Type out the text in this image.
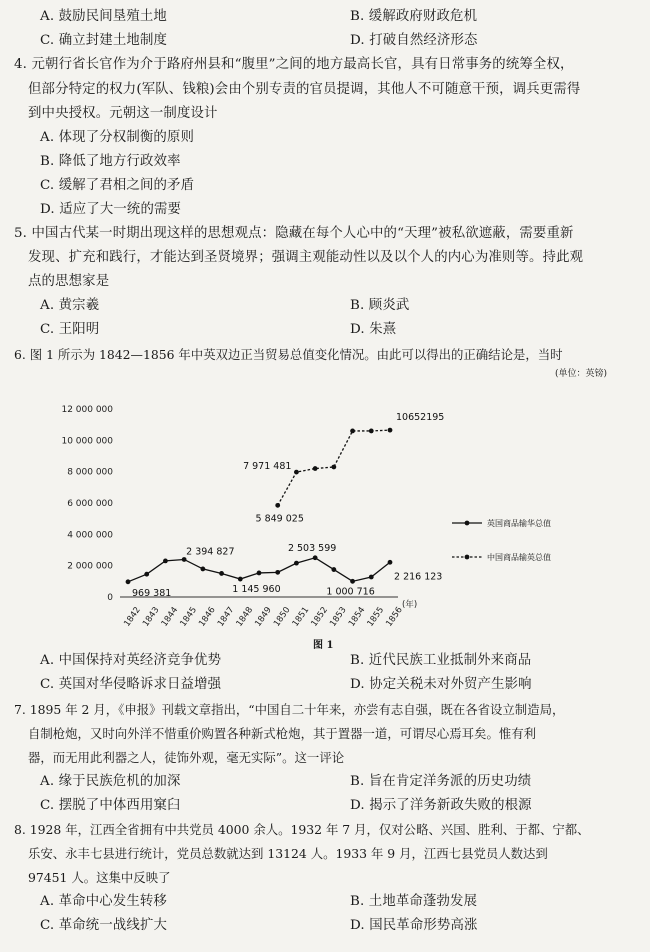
A. 鼓励民间垦殖土地	B. 缓解政府财政危机
C. 确立封建土地制度	D. 打破自然经济形态
4. 元朝行省长官作为介于路府州县和“腹里”之间的地方最高长官，具有日常事务的统筹全权，
但部分特定的权力(军队、钱粮)会由个别专责的官员提调，其他人不可随意干预，调兵更需得
到中央授权。元朝这一制度设计
A. 体现了分权制衡的原则
B. 降低了地方行政效率
C. 缓解了君相之间的矛盾
D. 适应了大一统的需要
5. 中国古代某一时期出现这样的思想观点：隐藏在每个人心中的“天理”被私欲遮蔽，需要重新
发现、扩充和践行，才能达到圣贤境界；强调主观能动性以及以个人的内心为准则等。持此观
点的思想家是
A. 黄宗羲	B. 顾炎武
C. 王阳明	D. 朱熹
6. 图 1 所示为 1842—1856 年中英双边正当贸易总值变化情况。由此可以得出的正确结论是，当时
(单位：英镑)
12 000 000
10 000 000
8 000 000
6 000 000
4 000 000
2 000 000
0
1842
1843
1844
1845
1846
1847
1848
1849
1850
1851
1852
1853
1854
1855
1856
(年)
969 381
2 394 827
1 145 960
2 503 599
1 000 716
2 216 123
5 849 025
7 971 481
10652195
英国商品输华总值
中国商品输英总值
图 1
A. 中国保持对英经济竞争优势	B. 近代民族工业抵制外来商品
C. 英国对华侵略诉求日益增强	D. 协定关税未对外贸产生影响
7. 1895 年 2 月，《申报》刊载文章指出，“中国自二十年来，亦尝有志自强，既在各省设立制造局，
自制枪炮，又时向外洋不惜重价购置各种新式枪炮，其于置器一道，可谓尽心焉耳矣。惟有利
器，而无用此利器之人，徒饰外观，毫无实际”。这一评论
A. 缘于民族危机的加深	B. 旨在肯定洋务派的历史功绩
C. 摆脱了中体西用窠臼	D. 揭示了洋务新政失败的根源
8. 1928 年，江西全省拥有中共党员 4000 余人。1932 年 7 月，仅对公略、兴国、胜利、于都、宁都、
乐安、永丰七县进行统计，党员总数就达到 13124 人。1933 年 9 月，江西七县党员人数达到
97451 人。这集中反映了
A. 革命中心发生转移	B. 土地革命蓬勃发展
C. 革命统一战线扩大	D. 国民革命形势高涨
